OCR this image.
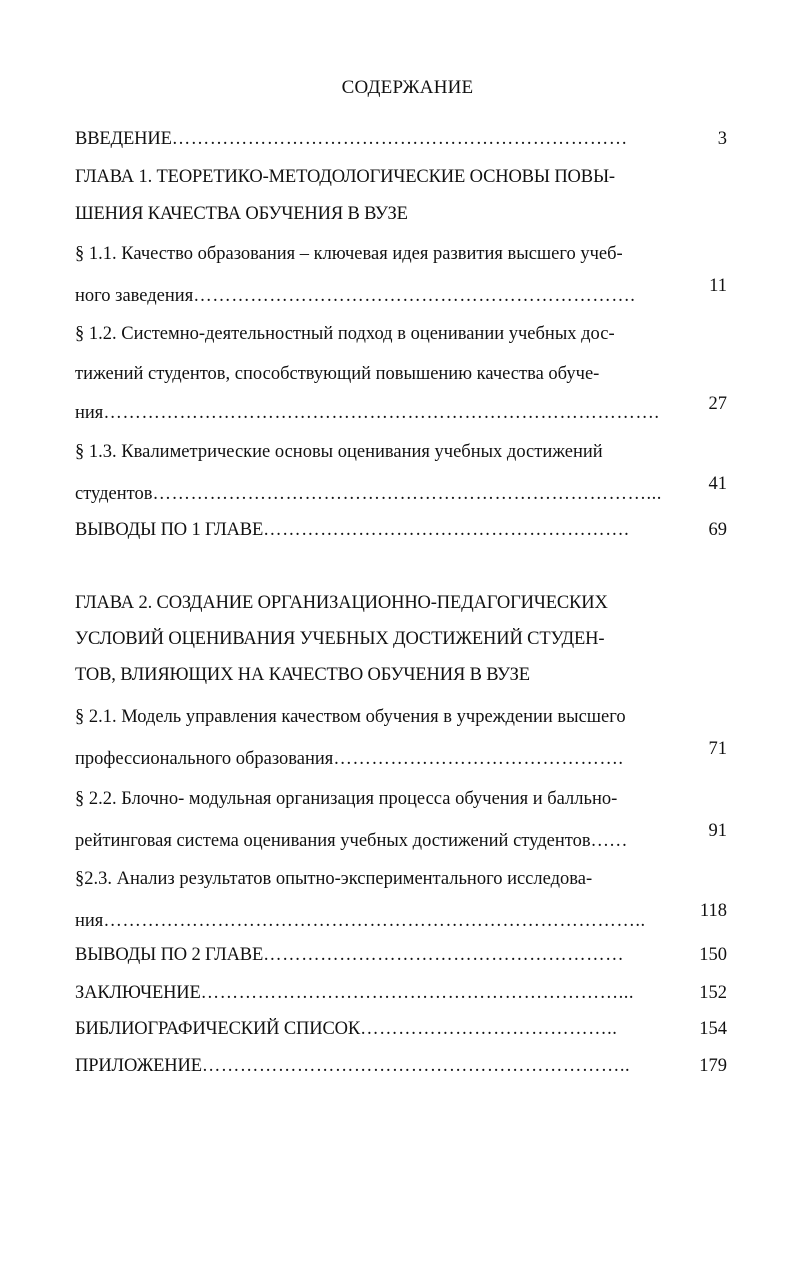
СОДЕРЖАНИЕ
ВВЕДЕНИЕ………………………………………………………………	3
ГЛАВА 1. ТЕОРЕТИКО-МЕТОДОЛОГИЧЕСКИЕ ОСНОВЫ ПОВЫ-
ШЕНИЯ КАЧЕСТВА ОБУЧЕНИЯ В ВУЗЕ
§ 1.1. Качество образования – ключевая идея развития высшего учеб-
ного заведения…………………………………………………………….	11
§ 1.2. Системно-деятельностный подход в оценивании учебных дос-
тижений студентов, способствующий повышению качества обуче-
ния…………………………………………………………………………….	27
§ 1.3. Квалиметрические основы оценивания учебных достижений
студентов……………………………………………………………………...	41
ВЫВОДЫ ПО 1 ГЛАВЕ………………………………………………….	69
ГЛАВА 2. СОЗДАНИЕ ОРГАНИЗАЦИОННО-ПЕДАГОГИЧЕСКИХ
УСЛОВИЙ ОЦЕНИВАНИЯ УЧЕБНЫХ ДОСТИЖЕНИЙ СТУДЕН-
ТОВ, ВЛИЯЮЩИХ НА КАЧЕСТВО ОБУЧЕНИЯ В ВУЗЕ
§ 2.1. Модель управления качеством обучения в учреждении высшего
профессионального образования……………………………………….	71
§ 2.2. Блочно- модульная организация процесса обучения и балльно-
рейтинговая система оценивания учебных достижений студентов……	91
§2.3. Анализ результатов опытно-экспериментального исследова-
ния…………………………………………………………………………..	118
ВЫВОДЫ ПО 2 ГЛАВЕ…………………………………………………	150
ЗАКЛЮЧЕНИЕ…………………………………………………………...	152
БИБЛИОГРАФИЧЕСКИЙ СПИСОК…………………………………..	154
ПРИЛОЖЕНИЕ…………………………………………………………..	179
